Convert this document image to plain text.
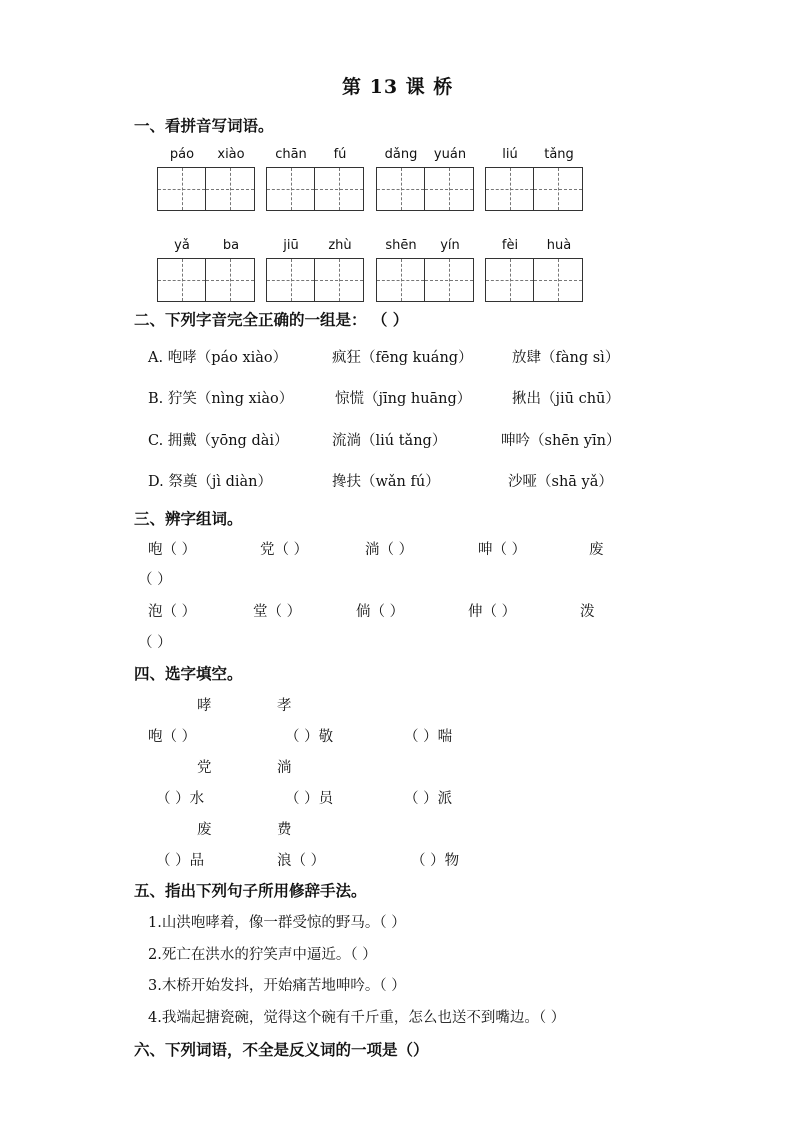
第 13 课 桥
一、看拼音写词语。
páo	xiào	chān	fú	dǎng	yuán	liú	tǎng
yǎ	ba	jiū	zhù	shēn	yín	fèi	huà
二、下列字音完全正确的一组是： （ ）
A. 咆哮（páo xiào）	疯狂（fēng kuáng）	放肆（fàng sì）
B. 狞笑（nìng xiào）	惊慌（jīng huāng）	揪出（jiū chū）
C. 拥戴（yōng dài）	流淌（liú tǎng）	呻吟（shēn yīn）
D. 祭奠（jì diàn）	搀扶（wǎn fú）	沙哑（shā yǎ）
三、辨字组词。
咆（ ）	党（ ）	淌（ ）	呻（ ）	废
（ ）
泡（ ）	堂（ ）	倘（ ）	伸（ ）	泼
（ ）
四、选字填空。
哮	孝
咆（ ）	（ ）敬	（ ）喘
党	淌
（ ）水	（ ）员	（ ）派
废	费
（ ）品	浪（ ）	（ ）物
五、指出下列句子所用修辞手法。
1.山洪咆哮着，像一群受惊的野马。（ ）
2.死亡在洪水的狞笑声中逼近。（ ）
3.木桥开始发抖，开始痛苦地呻吟。（ ）
4.我端起搪瓷碗，觉得这个碗有千斤重，怎么也送不到嘴边。（ ）
六、下列词语，不全是反义词的一项是（）
